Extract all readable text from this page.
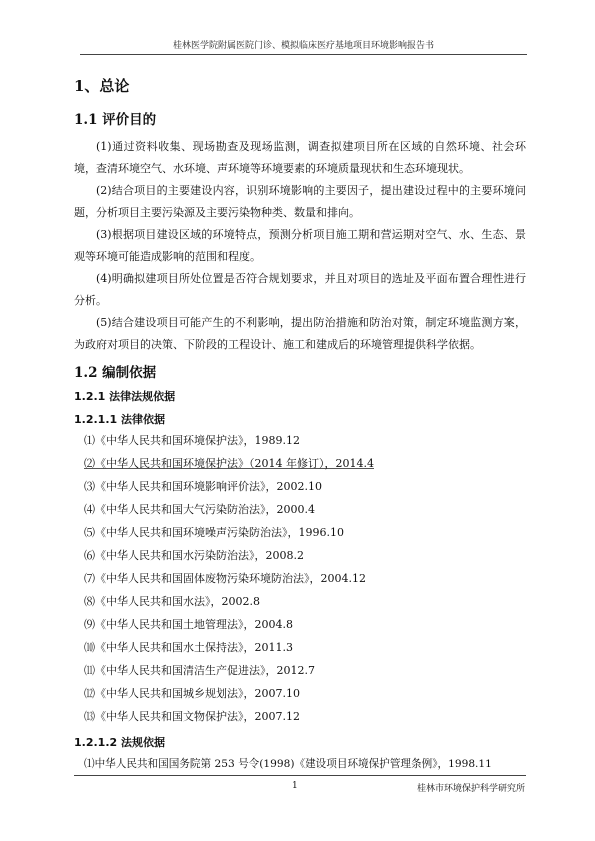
桂林医学院附属医院门诊、模拟临床医疗基地项目环境影响报告书
1、总论
1.1 评价目的

(1)通过资料收集、现场勘查及现场监测，调查拟建项目所在区域的自然环境、社会环境，查清环境空气、水环境、声环境等环境要素的环境质量现状和生态环境现状。

(2)结合项目的主要建设内容，识别环境影响的主要因子，提出建设过程中的主要环境问题，分析项目主要污染源及主要污染物种类、数量和排向。

(3)根据项目建设区域的环境特点，预测分析项目施工期和营运期对空气、水、生态、景观等环境可能造成影响的范围和程度。

(4)明确拟建项目所处位置是否符合规划要求，并且对项目的选址及平面布置合理性进行分析。

(5)结合建设项目可能产生的不利影响，提出防治措施和防治对策，制定环境监测方案，为政府对项目的决策、下阶段的工程设计、施工和建成后的环境管理提供科学依据。

1.2 编制依据
1.2.1 法律法规依据
1.2.1.1 法律依据
⑴《中华人民共和国环境保护法》，1989.12
⑵《中华人民共和国环境保护法》（2014 年修订），2014.4
⑶《中华人民共和国环境影响评价法》，2002.10
⑷《中华人民共和国大气污染防治法》，2000.4
⑸《中华人民共和国环境噪声污染防治法》，1996.10
⑹《中华人民共和国水污染防治法》，2008.2
⑺《中华人民共和国固体废物污染环境防治法》，2004.12
⑻《中华人民共和国水法》，2002.8
⑼《中华人民共和国土地管理法》，2004.8
⑽《中华人民共和国水土保持法》，2011.3
⑾《中华人民共和国清洁生产促进法》，2012.7
⑿《中华人民共和国城乡规划法》，2007.10
⒀《中华人民共和国文物保护法》，2007.12
1.2.1.2 法规依据
⑴中华人民共和国国务院第 253 号令(1998)《建设项目环境保护管理条例》，1998.11
1	桂林市环境保护科学研究所
